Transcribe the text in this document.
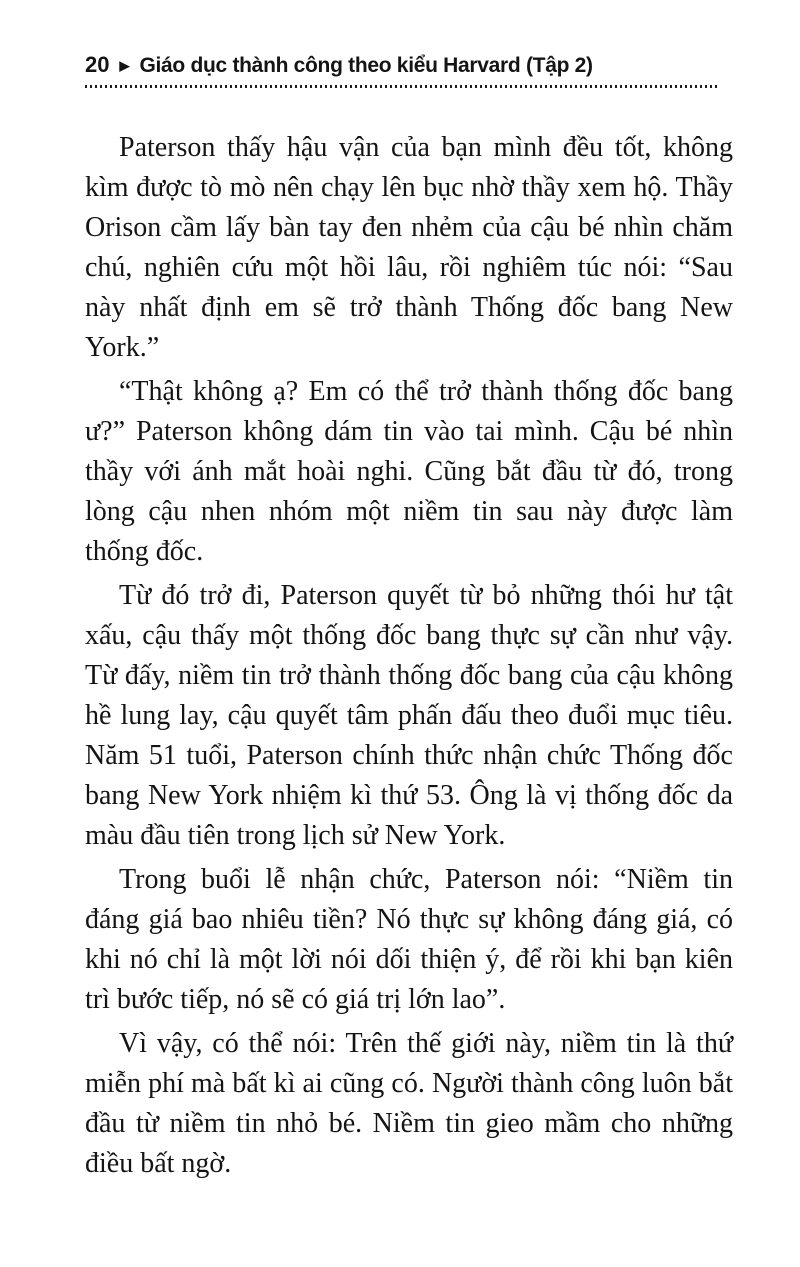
20 ▶ Giáo dục thành công theo kiểu Harvard (Tập 2)

Paterson thấy hậu vận của bạn mình đều tốt, không kìm được tò mò nên chạy lên bục nhờ thầy xem hộ. Thầy Orison cầm lấy bàn tay đen nhẻm của cậu bé nhìn chăm chú, nghiên cứu một hồi lâu, rồi nghiêm túc nói: “Sau này nhất định em sẽ trở thành Thống đốc bang New York.”

“Thật không ạ? Em có thể trở thành thống đốc bang ư?” Paterson không dám tin vào tai mình. Cậu bé nhìn thầy với ánh mắt hoài nghi. Cũng bắt đầu từ đó, trong lòng cậu nhen nhóm một niềm tin sau này được làm thống đốc.

Từ đó trở đi, Paterson quyết từ bỏ những thói hư tật xấu, cậu thấy một thống đốc bang thực sự cần như vậy. Từ đấy, niềm tin trở thành thống đốc bang của cậu không hề lung lay, cậu quyết tâm phấn đấu theo đuổi mục tiêu. Năm 51 tuổi, Paterson chính thức nhận chức Thống đốc bang New York nhiệm kì thứ 53. Ông là vị thống đốc da màu đầu tiên trong lịch sử New York.

Trong buổi lễ nhận chức, Paterson nói: “Niềm tin đáng giá bao nhiêu tiền? Nó thực sự không đáng giá, có khi nó chỉ là một lời nói dối thiện ý, để rồi khi bạn kiên trì bước tiếp, nó sẽ có giá trị lớn lao”.

Vì vậy, có thể nói: Trên thế giới này, niềm tin là thứ miễn phí mà bất kì ai cũng có. Người thành công luôn bắt đầu từ niềm tin nhỏ bé. Niềm tin gieo mầm cho những điều bất ngờ.
